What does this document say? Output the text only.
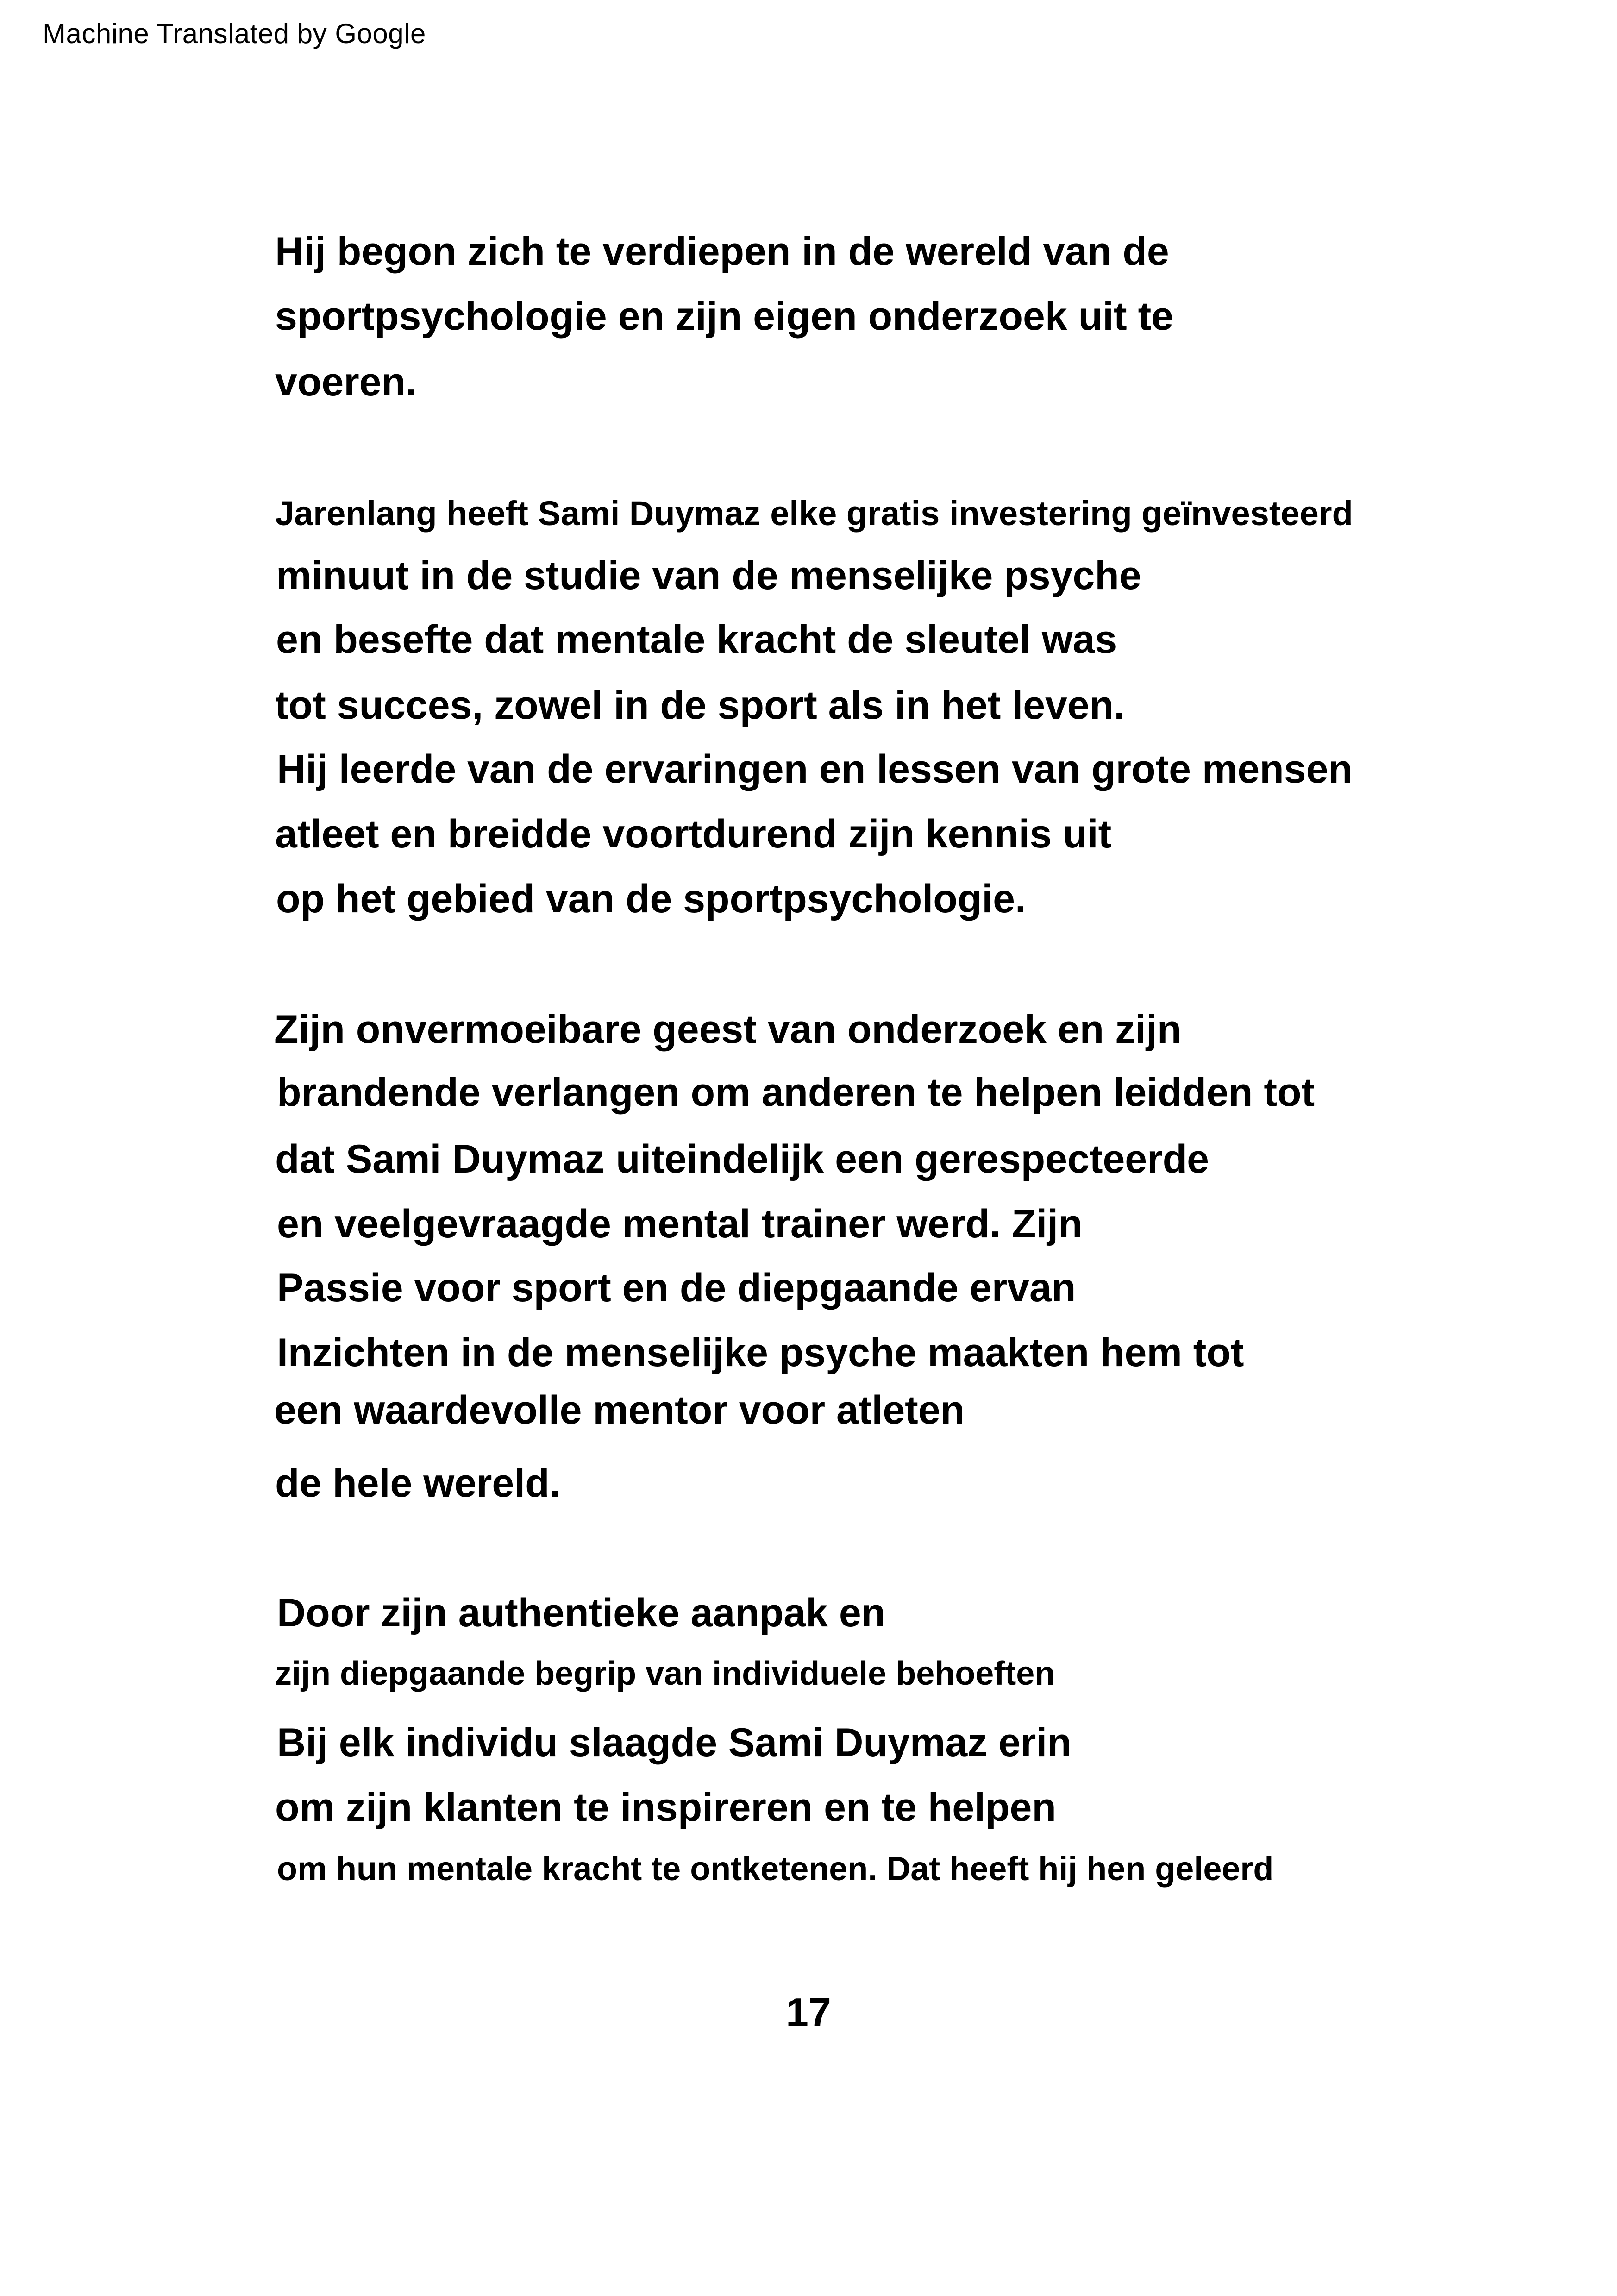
Machine Translated by Google
Hij begon zich te verdiepen in de wereld van de
sportpsychologie en zijn eigen onderzoek uit te
voeren.
Jarenlang heeft Sami Duymaz elke gratis investering geïnvesteerd
minuut in de studie van de menselijke psyche
en besefte dat mentale kracht de sleutel was
tot succes, zowel in de sport als in het leven.
Hij leerde van de ervaringen en lessen van grote mensen
atleet en breidde voortdurend zijn kennis uit
op het gebied van de sportpsychologie.
Zijn onvermoeibare geest van onderzoek en zijn
brandende verlangen om anderen te helpen leidden tot
dat Sami Duymaz uiteindelijk een gerespecteerde
en veelgevraagde mental trainer werd. Zijn
Passie voor sport en de diepgaande ervan
Inzichten in de menselijke psyche maakten hem tot
een waardevolle mentor voor atleten
de hele wereld.
Door zijn authentieke aanpak en
zijn diepgaande begrip van individuele behoeften
Bij elk individu slaagde Sami Duymaz erin
om zijn klanten te inspireren en te helpen
om hun mentale kracht te ontketenen. Dat heeft hij hen geleerd
17
